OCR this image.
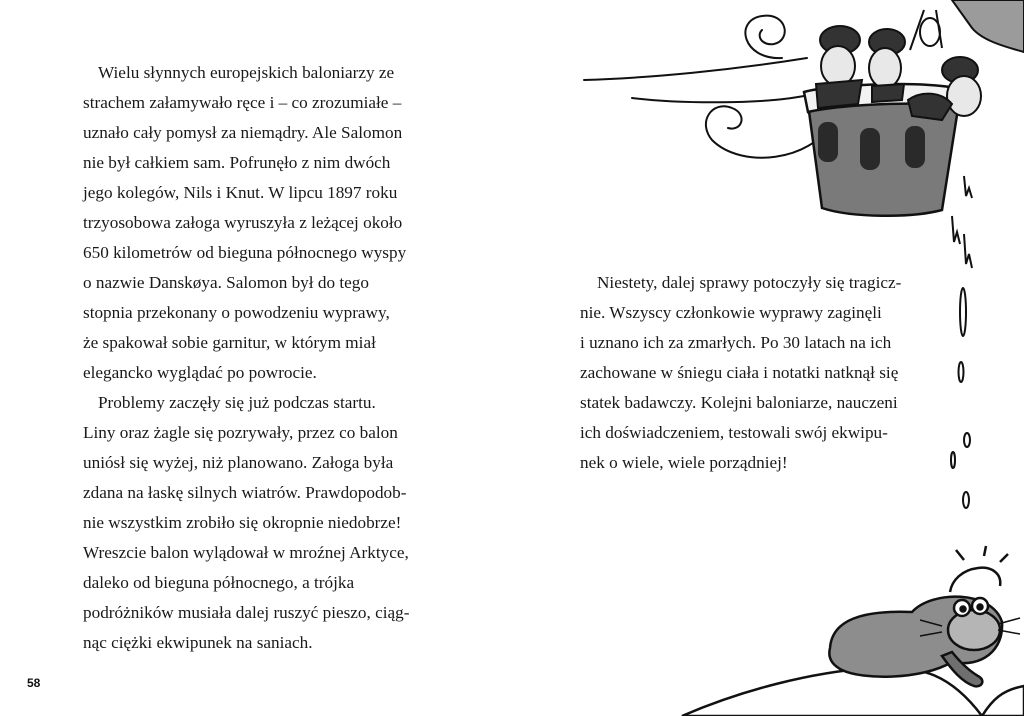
Wielu słynnych europejskich baloniarzy ze
strachem załamywało ręce i – co zrozumiałe –
uznało cały pomysł za niemądry. Ale Salomon
nie był całkiem sam. Pofrunęło z nim dwóch
jego kolegów, Nils i Knut. W lipcu 1897 roku
trzyosobowa załoga wyruszyła z leżącej około
650 kilometrów od bieguna północnego wyspy
o nazwie Danskøya. Salomon był do tego
stopnia przekonany o powodzeniu wyprawy,
że spakował sobie garnitur, w którym miał
elegancko wyglądać po powrocie.
Problemy zaczęły się już podczas startu.
Liny oraz żagle się pozrywały, przez co balon
uniósł się wyżej, niż planowano. Załoga była
zdana na łaskę silnych wiatrów. Prawdopodob-
nie wszystkim zrobiło się okropnie niedobrze!
Wreszcie balon wylądował w mroźnej Arktyce,
daleko od bieguna północnego, a trójka
podróżników musiała dalej ruszyć pieszo, ciąg-
nąc ciężki ekwipunek na saniach.
58
Niestety, dalej sprawy potoczyły się tragicz-
nie. Wszyscy członkowie wyprawy zaginęli
i uznano ich za zmarłych. Po 30 latach na ich
zachowane w śniegu ciała i notatki natknął się
statek badawczy. Kolejni baloniarze, nauczeni
ich doświadczeniem, testowali swój ekwipu-
nek o wiele, wiele porządniej!
